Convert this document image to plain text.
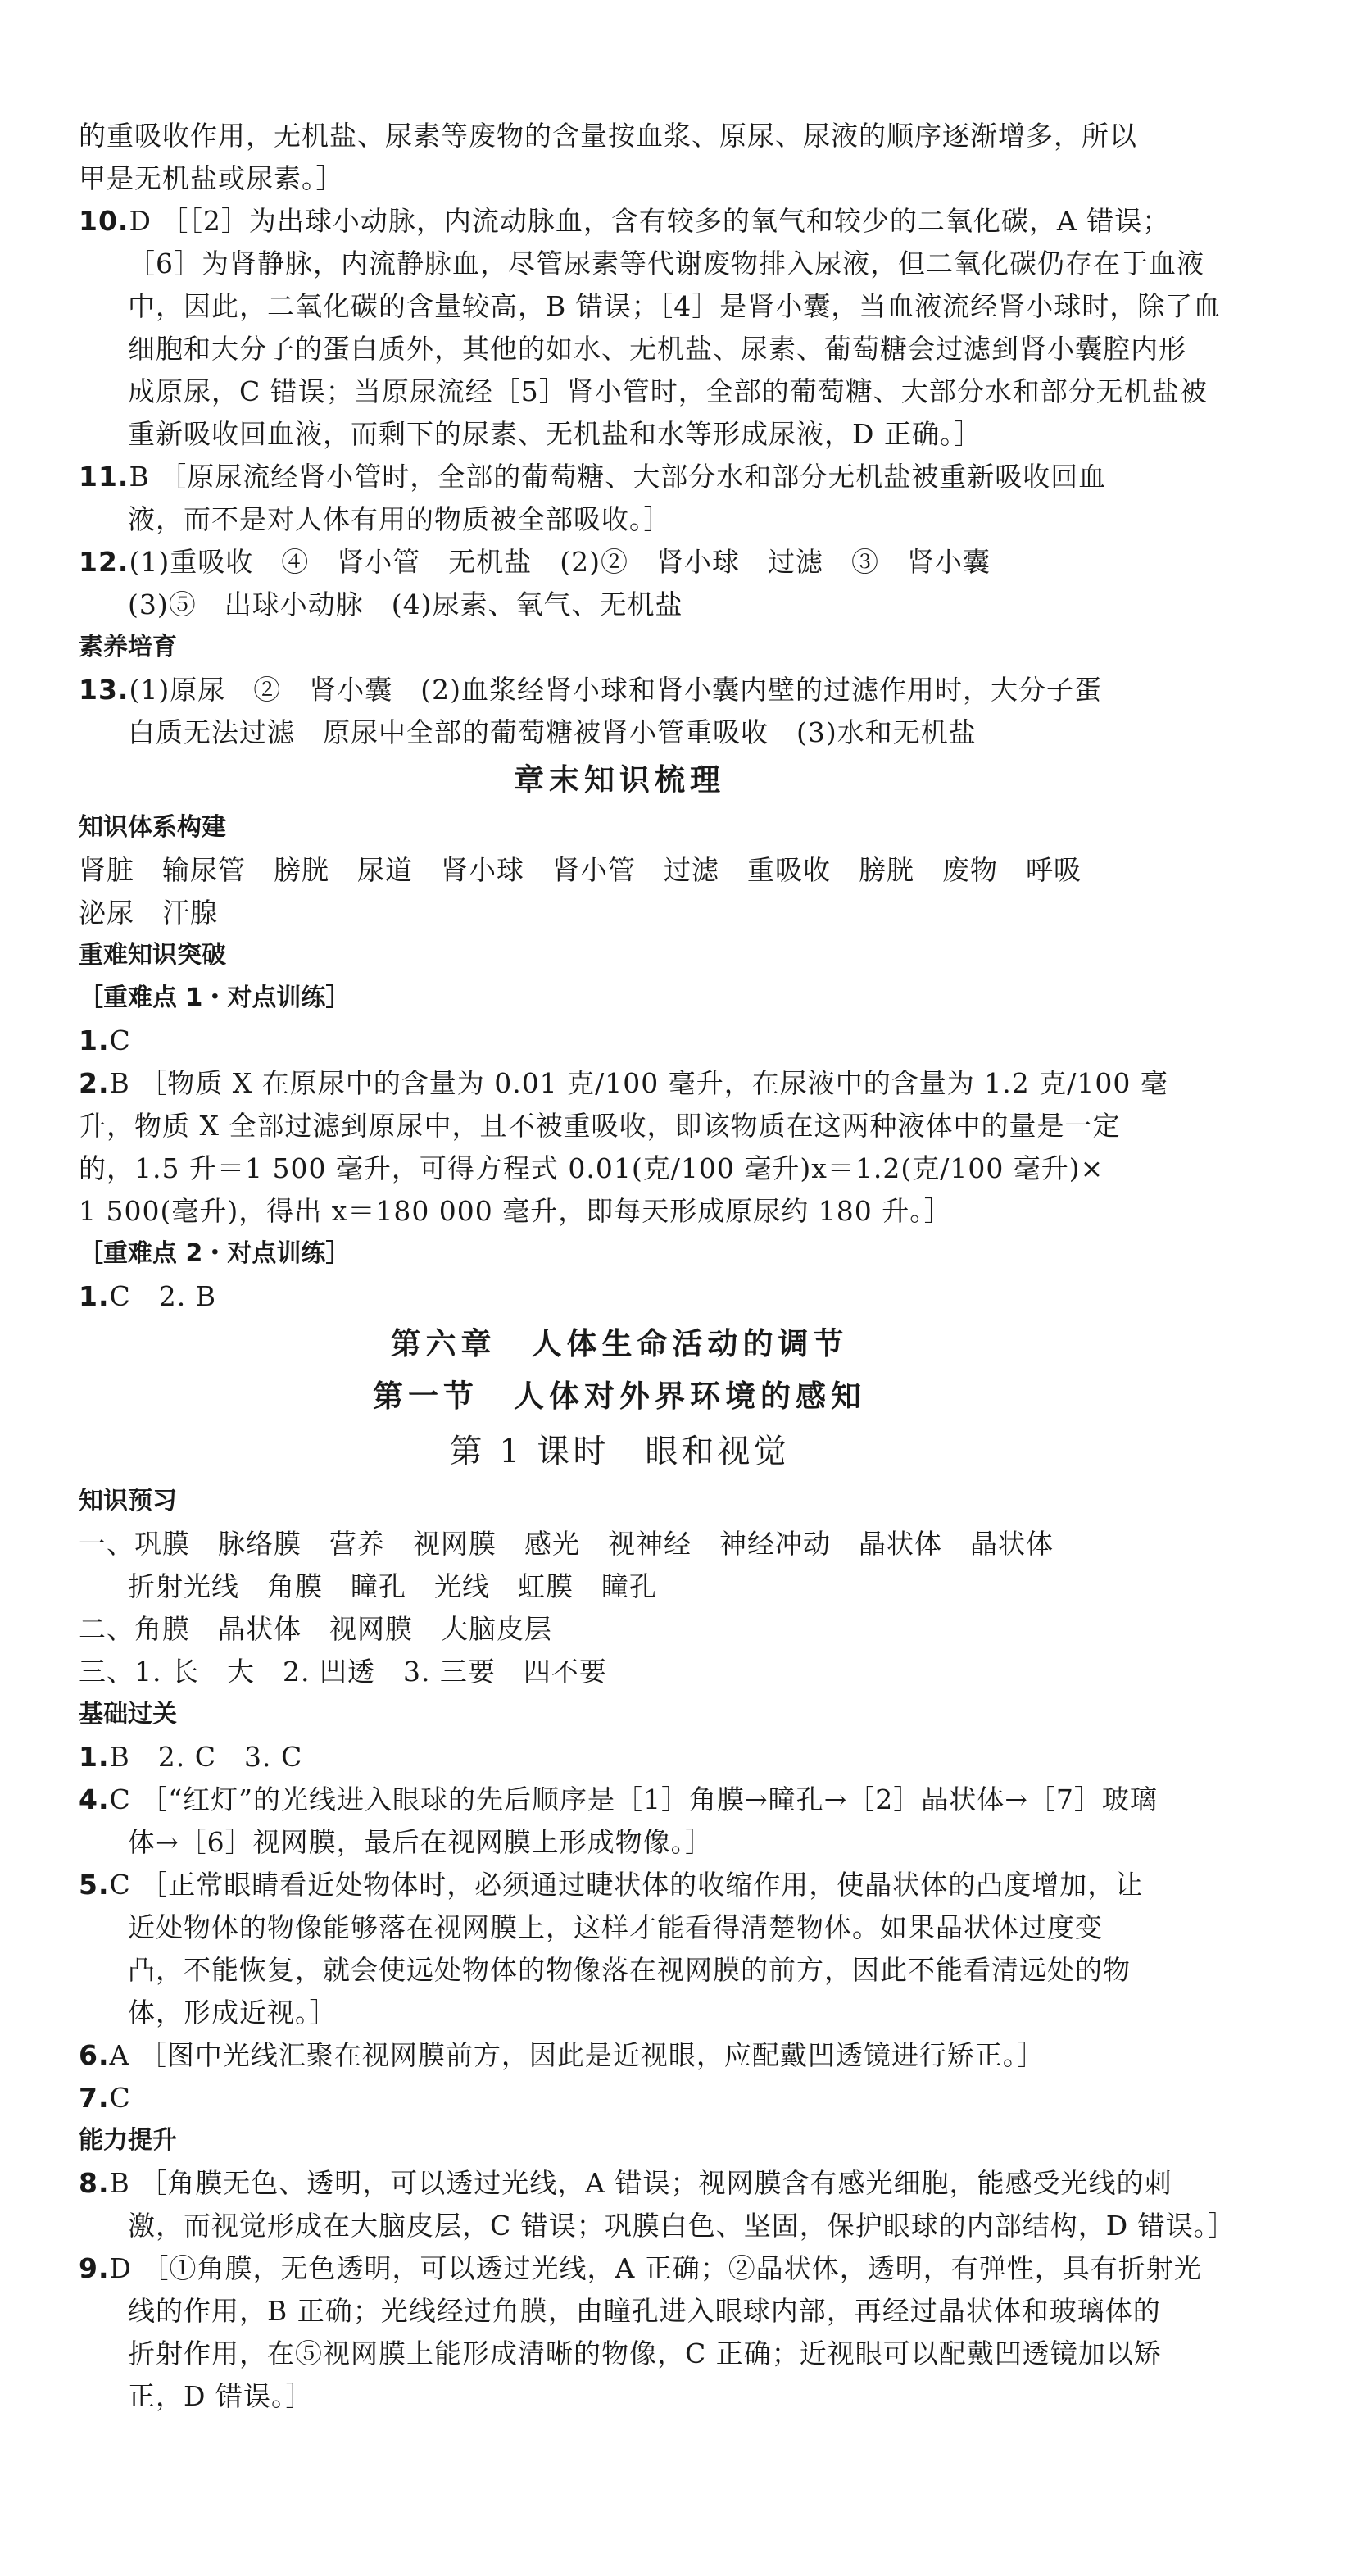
的重吸收作用，无机盐、尿素等废物的含量按血浆、原尿、尿液的顺序逐渐增多，所以
甲是无机盐或尿素。］
10.D ［［2］为出球小动脉，内流动脉血，含有较多的氧气和较少的二氧化碳，A 错误；
［6］为肾静脉，内流静脉血，尽管尿素等代谢废物排入尿液，但二氧化碳仍存在于血液
中，因此，二氧化碳的含量较高，B 错误；［4］是肾小囊，当血液流经肾小球时，除了血
细胞和大分子的蛋白质外，其他的如水、无机盐、尿素、葡萄糖会过滤到肾小囊腔内形
成原尿，C 错误；当原尿流经［5］肾小管时，全部的葡萄糖、大部分水和部分无机盐被
重新吸收回血液，而剩下的尿素、无机盐和水等形成尿液，D 正确。］
11.B ［原尿流经肾小管时，全部的葡萄糖、大部分水和部分无机盐被重新吸收回血
液，而不是对人体有用的物质被全部吸收。］
12.(1)重吸收　④　肾小管　无机盐　(2)②　肾小球　过滤　③　肾小囊
(3)⑤　出球小动脉　(4)尿素、氧气、无机盐
素养培育
13.(1)原尿　②　肾小囊　(2)血浆经肾小球和肾小囊内壁的过滤作用时，大分子蛋
白质无法过滤　原尿中全部的葡萄糖被肾小管重吸收　(3)水和无机盐
章末知识梳理
知识体系构建
肾脏　输尿管　膀胱　尿道　肾小球　肾小管　过滤　重吸收　膀胱　废物　呼吸
泌尿　汗腺
重难知识突破
［重难点 1・对点训练］
1.C
2.B ［物质 X 在原尿中的含量为 0.01 克/100 毫升，在尿液中的含量为 1.2 克/100 毫
升，物质 X 全部过滤到原尿中，且不被重吸收，即该物质在这两种液体中的量是一定
的，1.5 升＝1 500 毫升，可得方程式 0.01(克/100 毫升)x＝1.2(克/100 毫升)×
1 500(毫升)，得出 x＝180 000 毫升，即每天形成原尿约 180 升。］
［重难点 2・对点训练］
1.C　2. B
第六章　人体生命活动的调节
第一节　人体对外界环境的感知
第 1 课时　眼和视觉
知识预习
一、巩膜　脉络膜　营养　视网膜　感光　视神经　神经冲动　晶状体　晶状体
折射光线　角膜　瞳孔　光线　虹膜　瞳孔
二、角膜　晶状体　视网膜　大脑皮层
三、1. 长　大　2. 凹透　3. 三要　四不要
基础过关
1.B　2. C　3. C
4.C ［“红灯”的光线进入眼球的先后顺序是［1］角膜→瞳孔→［2］晶状体→［7］玻璃
体→［6］视网膜，最后在视网膜上形成物像。］
5.C ［正常眼睛看近处物体时，必须通过睫状体的收缩作用，使晶状体的凸度增加，让
近处物体的物像能够落在视网膜上，这样才能看得清楚物体。如果晶状体过度变
凸，不能恢复，就会使远处物体的物像落在视网膜的前方，因此不能看清远处的物
体，形成近视。］
6.A ［图中光线汇聚在视网膜前方，因此是近视眼，应配戴凹透镜进行矫正。］
7.C
能力提升
8.B ［角膜无色、透明，可以透过光线，A 错误；视网膜含有感光细胞，能感受光线的刺
激，而视觉形成在大脑皮层，C 错误；巩膜白色、坚固，保护眼球的内部结构，D 错误。］
9.D ［①角膜，无色透明，可以透过光线，A 正确；②晶状体，透明，有弹性，具有折射光
线的作用，B 正确；光线经过角膜，由瞳孔进入眼球内部，再经过晶状体和玻璃体的
折射作用，在⑤视网膜上能形成清晰的物像，C 正确；近视眼可以配戴凹透镜加以矫
正，D 错误。］
